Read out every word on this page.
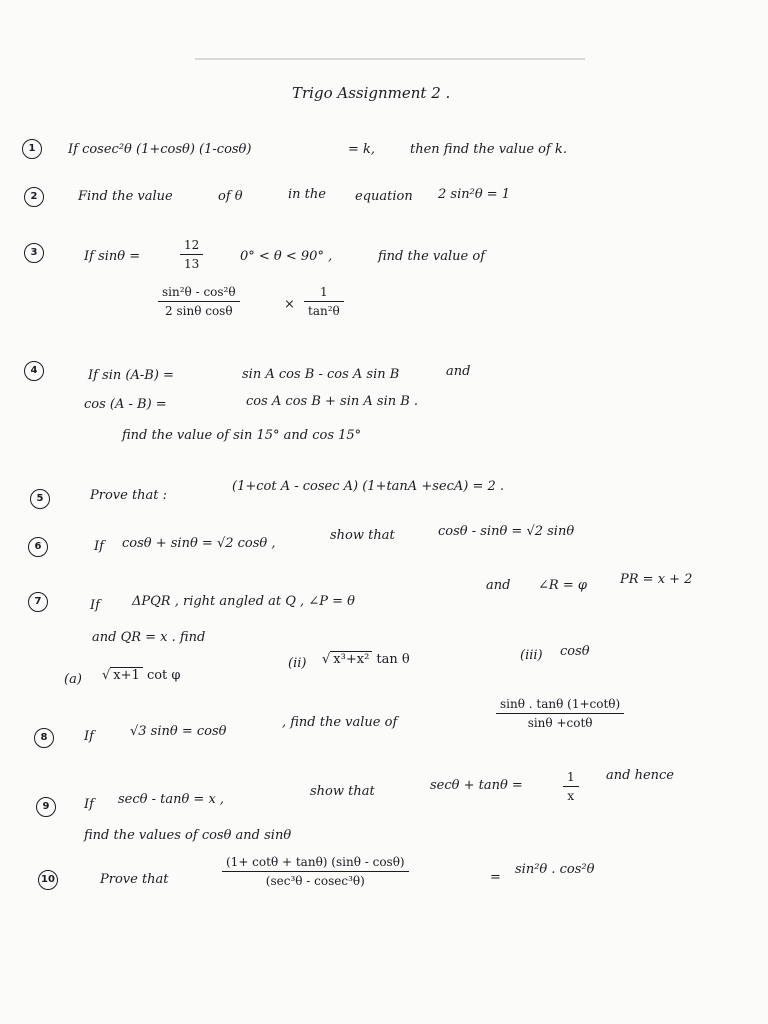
Trigo Assignment 2 .
1	If cosec²θ (1+cosθ) (1-cosθ)	= k,	then find the value of k.
2	Find the value	of θ	in the equation 2 sin²θ = 1
3	If sinθ =	$\frac{12}{13}$	0° < θ < 90° ,	find the value of
$\frac{\text{sin²θ - cos²θ}}{\text{2 sinθ cosθ}}$	× $\frac{1}{\text{tan²θ}}$
4	If sin (A-B) =	sin A cos B - cos A sin B	and
cos (A - B) =	cos A cos B + sin A sin B .
find the value of sin 15° and cos 15°
5	Prove that :
(1+cot A - cosec A) (1+tanA +secA) = 2 .
6	If cosθ + sinθ = √2 cosθ ,
show that	cosθ - sinθ = √2 sinθ
7	If ΔPQR , right angled at Q , ∠P = θ
and ∠R = φ	PR = x + 2
and QR = x . find
(a) √ x+1 cot φ
(ii) √ x³+x² tan θ	(iii) cosθ
8	If	√3 sinθ = cosθ
, find the value of	$\frac{\sin\theta . \tan\theta (1+\cot\theta)}{\sin\theta +\cot\theta}$
9	If secθ - tanθ = x ,
show that	secθ + tanθ =	$\frac{1}{x}$ and hence
find the values of cosθ and sinθ
10	Prove that
(1+ cotθ + tanθ) (sinθ - cosθ)
(sec³θ - cosec³θ)	=
sin²θ . cos²θ
